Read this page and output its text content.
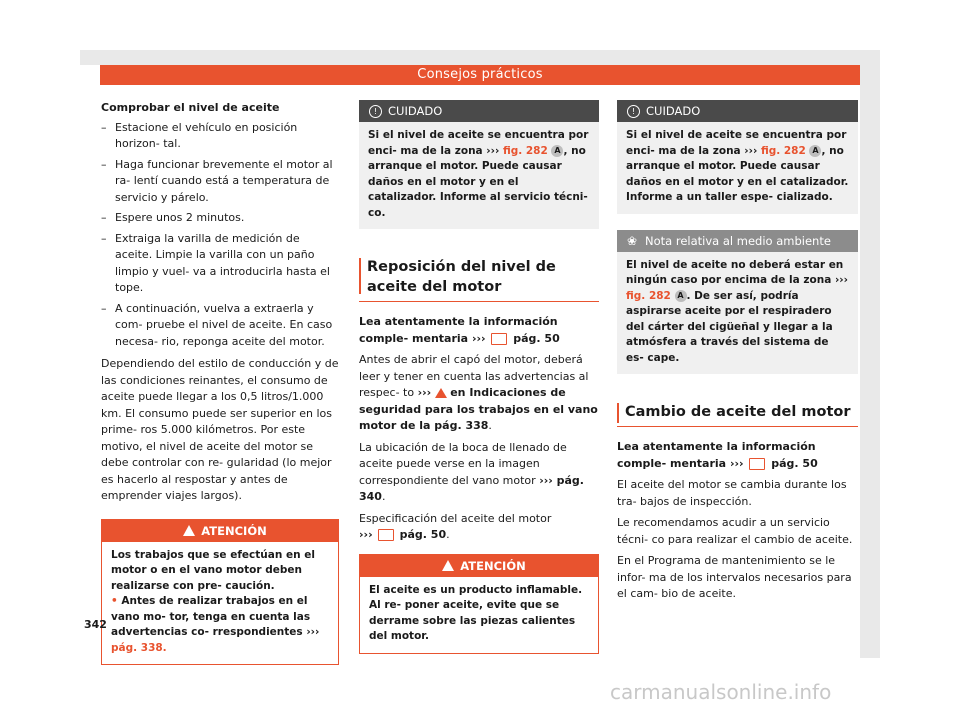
Consejos prácticos
Comprobar el nivel de aceite
– Estacione el vehículo en posición horizon- tal.
– Haga funcionar brevemente el motor al ra- lentí cuando está a temperatura de servicio y párelo.
– Espere unos 2 minutos.
– Extraiga la varilla de medición de aceite. Limpie la varilla con un paño limpio y vuel- va a introducirla hasta el tope.
– A continuación, vuelva a extraerla y com- pruebe el nivel de aceite. En caso necesa- rio, reponga aceite del motor.

Dependiendo del estilo de conducción y de las condiciones reinantes, el consumo de aceite puede llegar a los 0,5 litros/1.000 km. El consumo puede ser superior en los prime- ros 5.000 kilómetros. Por este motivo, el nivel de aceite del motor se debe controlar con re- gularidad (lo mejor es hacerlo al respostar y antes de emprender viajes largos).

ATENCIÓN
Los trabajos que se efectúan en el motor o en el vano motor deben realizarse con pre- caución.
• Antes de realizar trabajos en el vano mo- tor, tenga en cuenta las advertencias co- rrespondientes ››› pág. 338.
! CUIDADO
Si el nivel de aceite se encuentra por enci- ma de la zona ››› fig. 282 A , no arranque el motor. Puede causar daños en el motor y en el catalizador. Informe al servicio técni- co.
Reposición del nivel de aceite del motor

Lea atentamente la información comple- mentaria ›››	pág. 50

Antes de abrir el capó del motor, deberá leer y tener en cuenta las advertencias al respec- to ››› en Indicaciones de seguridad para los trabajos en el vano motor de la pág. 338.

La ubicación de la boca de llenado de aceite puede verse en la imagen correspondiente del vano motor ››› pág. 340.

Especificación del aceite del motor
››› pág. 50.

ATENCIÓN
El aceite es un producto inflamable. Al re- poner aceite, evite que se derrame sobre las piezas calientes del motor.
! CUIDADO
Si el nivel de aceite se encuentra por enci- ma de la zona ››› fig. 282 A , no arranque el motor. Puede causar daños en el motor y en el catalizador. Informe a un taller espe- cializado.
❀ Nota relativa al medio ambiente
El nivel de aceite no deberá estar en ningún caso por encima de la zona ››› fig. 282 A . De ser así, podría aspirarse aceite por el respiradero del cárter del cigüeñal y llegar a la atmósfera a través del sistema de es- cape.
Cambio de aceite del motor

Lea atentamente la información comple- mentaria ›››	pág. 50

El aceite del motor se cambia durante los tra- bajos de inspección.

Le recomendamos acudir a un servicio técni- co para realizar el cambio de aceite.

En el Programa de mantenimiento se le infor- ma de los intervalos necesarios para el cam- bio de aceite.

342
carmanualsonline.info
